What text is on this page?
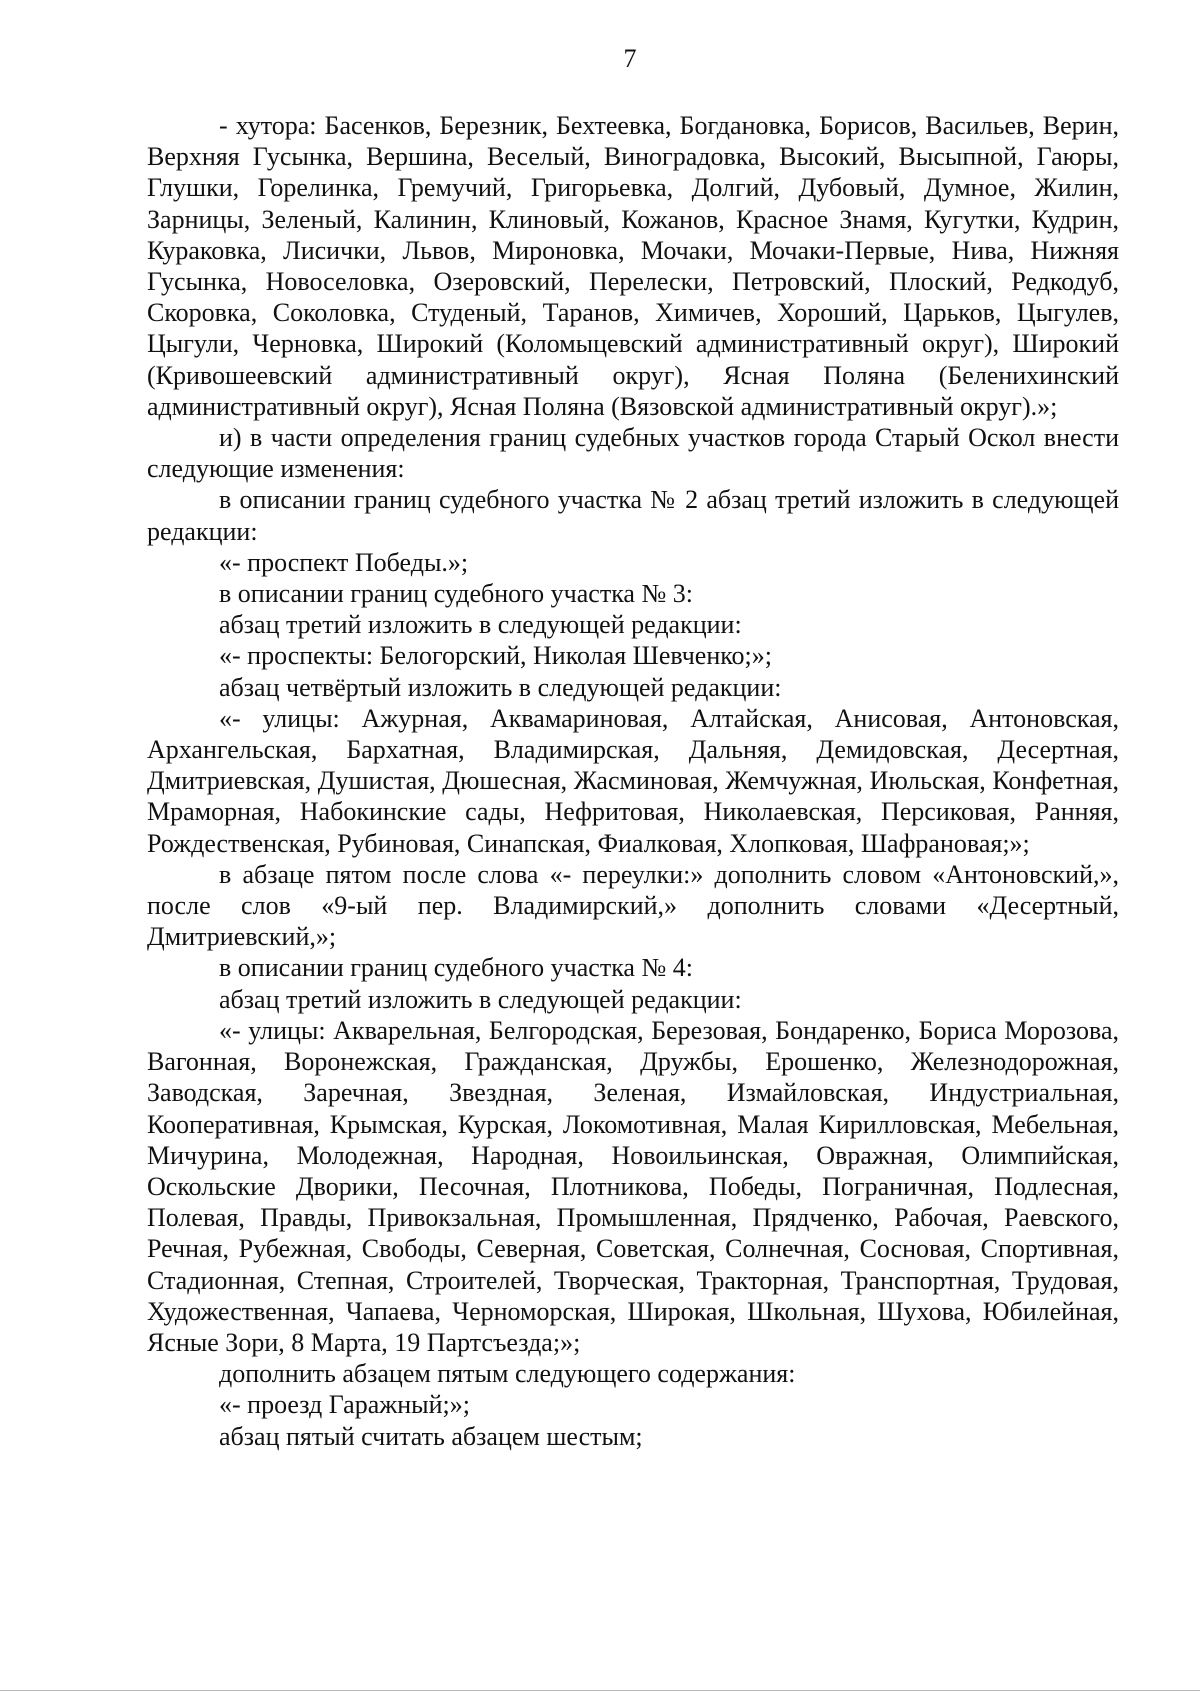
7

- хутора: Басенков, Березник, Бехтеевка, Богдановка, Борисов, Васильев, Верин, Верхняя Гусынка, Вершина, Веселый, Виноградовка, Высокий, Высыпной, Гаюры, Глушки, Горелинка, Гремучий, Григорьевка, Долгий, Дубовый, Думное, Жилин, Зарницы, Зеленый, Калинин, Клиновый, Кожанов, Красное Знамя, Кугутки, Кудрин, Кураковка, Лисички, Львов, Мироновка, Мочаки, Мочаки-Первые, Нива, Нижняя Гусынка, Новоселовка, Озеровский, Перелески, Петровский, Плоский, Редкодуб, Скоровка, Соколовка, Студеный, Таранов, Химичев, Хороший, Царьков, Цыгулев, Цыгули, Черновка, Широкий (Коломыцевский административный округ), Широкий (Кривошеевский административный округ), Ясная Поляна (Беленихинский административный округ), Ясная Поляна (Вязовской административный округ).»;

и) в части определения границ судебных участков города Старый Оскол внести следующие изменения:

в описании границ судебного участка № 2 абзац третий изложить в следующей редакции:

«- проспект Победы.»;

в описании границ судебного участка № 3:

абзац третий изложить в следующей редакции:

«- проспекты: Белогорский, Николая Шевченко;»;

абзац четвёртый изложить в следующей редакции:

«- улицы: Ажурная, Аквамариновая, Алтайская, Анисовая, Антоновская, Архангельская, Бархатная, Владимирская, Дальняя, Демидовская, Десертная, Дмитриевская, Душистая, Дюшесная, Жасминовая, Жемчужная, Июльская, Конфетная, Мраморная, Набокинские сады, Нефритовая, Николаевская, Персиковая, Ранняя, Рождественская, Рубиновая, Синапская, Фиалковая, Хлопковая, Шафрановая;»;

в абзаце пятом после слова «- переулки:» дополнить словом «Антоновский,», после слов «9-ый пер. Владимирский,» дополнить словами «Десертный, Дмитриевский,»;

в описании границ судебного участка № 4:

абзац третий изложить в следующей редакции:

«- улицы: Акварельная, Белгородская, Березовая, Бондаренко, Бориса Морозова, Вагонная, Воронежская, Гражданская, Дружбы, Ерошенко, Железнодорожная, Заводская, Заречная, Звездная, Зеленая, Измайловская, Индустриальная, Кооперативная, Крымская, Курская, Локомотивная, Малая Кирилловская, Мебельная, Мичурина, Молодежная, Народная, Новоильинская, Овражная, Олимпийская, Оскольские Дворики, Песочная, Плотникова, Победы, Пограничная, Подлесная, Полевая, Правды, Привокзальная, Промышленная, Прядченко, Рабочая, Раевского, Речная, Рубежная, Свободы, Северная, Советская, Солнечная, Сосновая, Спортивная, Стадионная, Степная, Строителей, Творческая, Тракторная, Транспортная, Трудовая, Художественная, Чапаева, Черноморская, Широкая, Школьная, Шухова, Юбилейная, Ясные Зори, 8 Марта, 19 Партсъезда;»;

дополнить абзацем пятым следующего содержания:

«- проезд Гаражный;»;

абзац пятый считать абзацем шестым;
